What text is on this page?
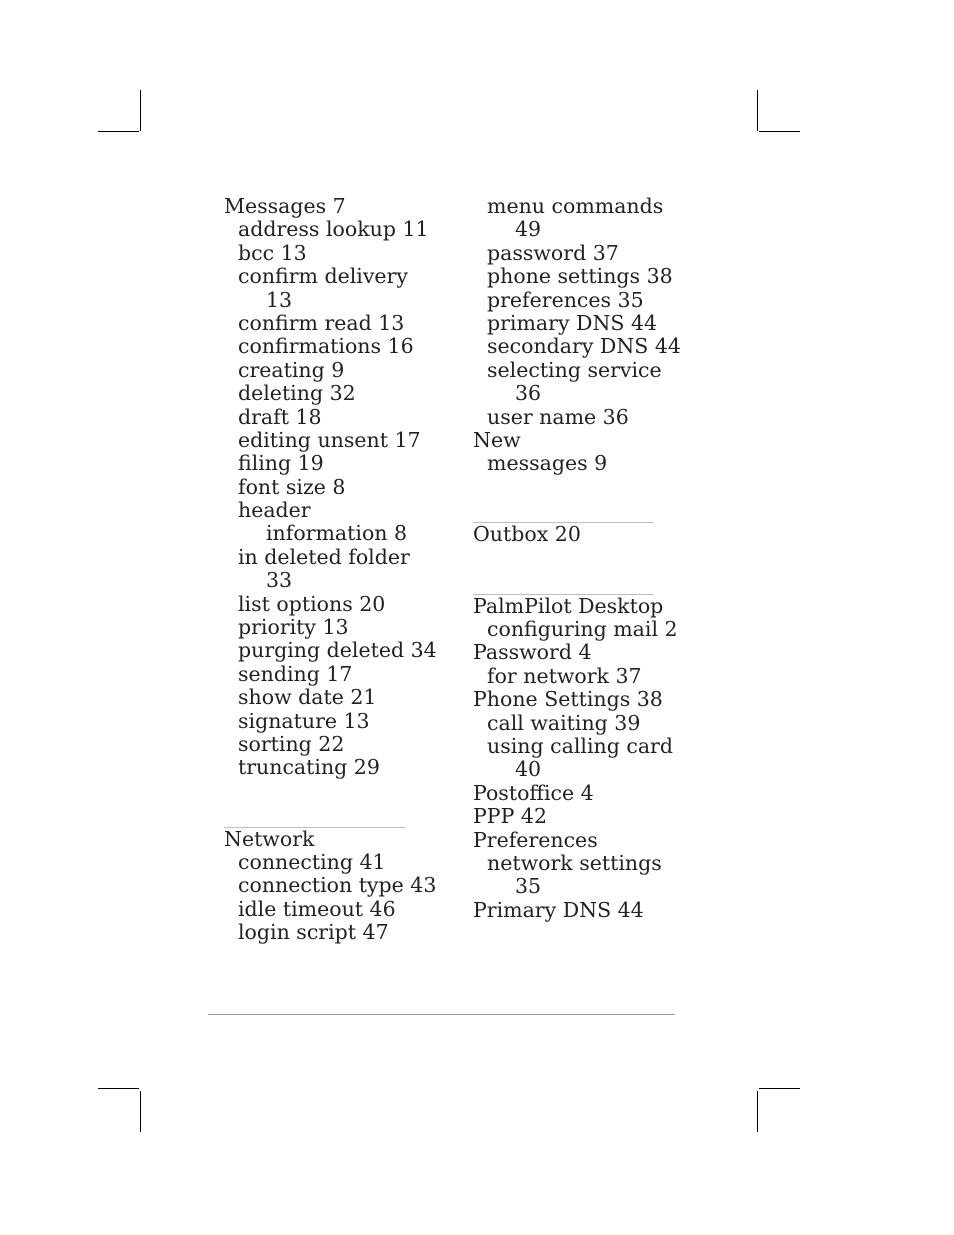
Messages 7
address lookup 11
bcc 13
confirm delivery
13
confirm read 13
confirmations 16
creating 9
deleting 32
draft 18
editing unsent 17
filing 19
font size 8
header
information 8
in deleted folder
33
list options 20
priority 13
purging deleted 34
sending 17
show date 21
signature 13
sorting 22
truncating 29
Network
connecting 41
connection type 43
idle timeout 46
login script 47
menu commands
49
password 37
phone settings 38
preferences 35
primary DNS 44
secondary DNS 44
selecting service
36
user name 36
New
messages 9
Outbox 20
PalmPilot Desktop
configuring mail 2
Password 4
for network 37
Phone Settings 38
call waiting 39
using calling card
40
Postoffice 4
PPP 42
Preferences
network settings
35
Primary DNS 44
